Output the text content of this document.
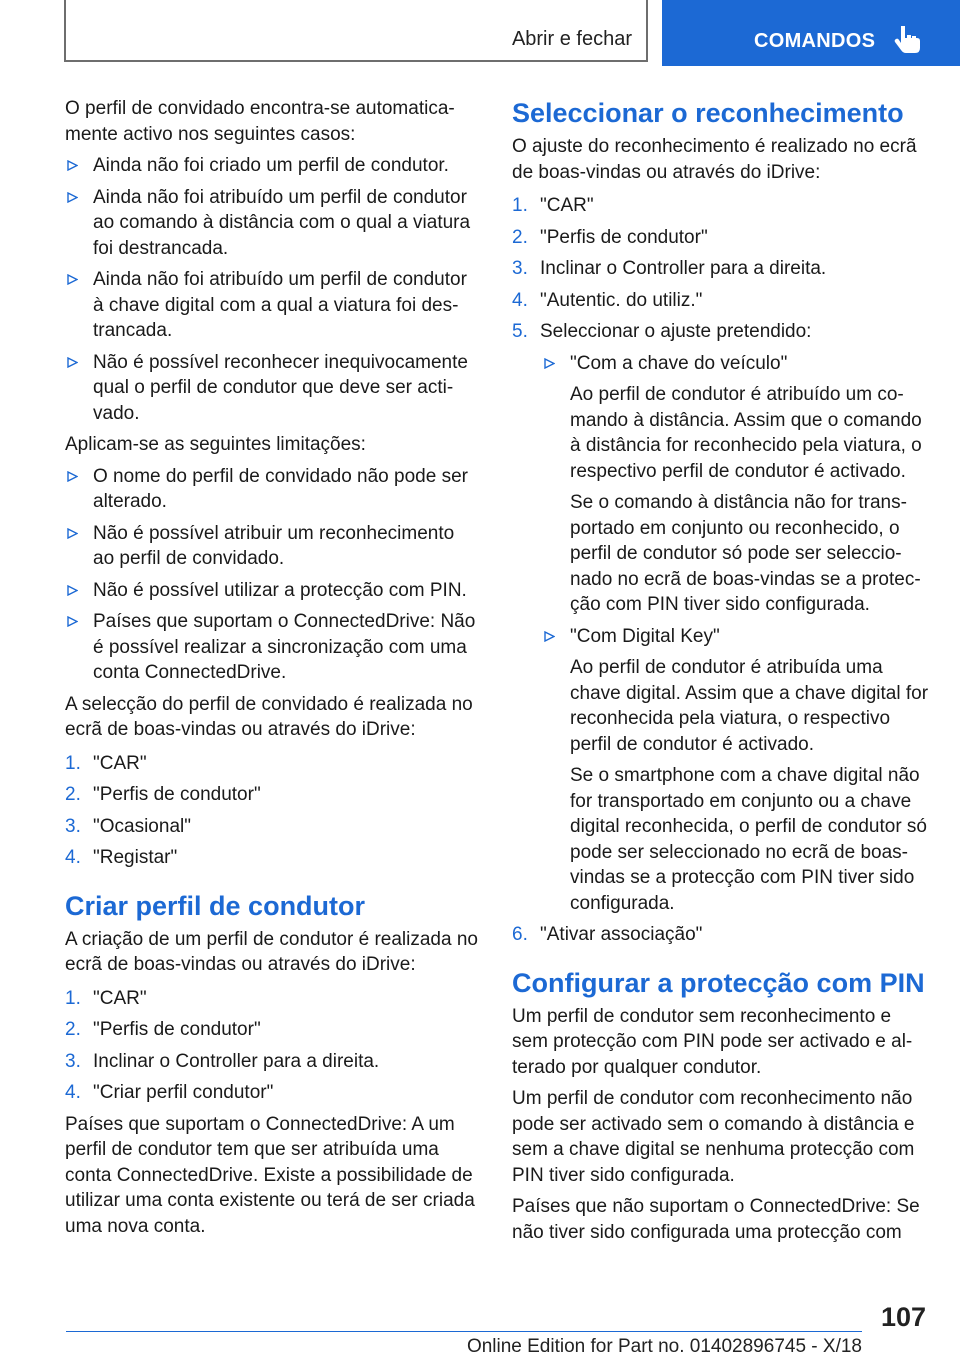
Abrir e fechar	COMANDOS

O perfil de convidado encontra-se automatica-mente activo nos seguintes casos:

Ainda não foi criado um perfil de condutor.
Ainda não foi atribuído um perfil de condutor ao comando à distância com o qual a viatura foi destrancada.
Ainda não foi atribuído um perfil de condutor à chave digital com a qual a viatura foi des-trancada.
Não é possível reconhecer inequivocamente qual o perfil de condutor que deve ser acti-vado.

Aplicam-se as seguintes limitações:

O nome do perfil de convidado não pode ser alterado.
Não é possível atribuir um reconhecimento ao perfil de convidado.
Não é possível utilizar a protecção com PIN.
Países que suportam o ConnectedDrive: Não é possível realizar a sincronização com uma conta ConnectedDrive.

A selecção do perfil de convidado é realizada no ecrã de boas-vindas ou através do iDrive:

1. "CAR"
2. "Perfis de condutor"
3. "Ocasional"
4. "Registar"
Criar perfil de condutor

A criação de um perfil de condutor é realizada no ecrã de boas-vindas ou através do iDrive:

1. "CAR"
2. "Perfis de condutor"
3. Inclinar o Controller para a direita.
4. "Criar perfil condutor"

Países que suportam o ConnectedDrive: A um perfil de condutor tem que ser atribuída uma conta ConnectedDrive. Existe a possibilidade de utilizar uma conta existente ou terá de ser criada uma nova conta.

Seleccionar o reconhecimento

O ajuste do reconhecimento é realizado no ecrã de boas-vindas ou através do iDrive:

1. "CAR"
2. "Perfis de condutor"
3. Inclinar o Controller para a direita.
4. "Autentic. do utiliz."
5. Seleccionar o ajuste pretendido:
"Com a chave do veículo"

Ao perfil de condutor é atribuído um co-mando à distância. Assim que o comando à distância for reconhecido pela viatura, o respectivo perfil de condutor é activado.

Se o comando à distância não for trans-portado em conjunto ou reconhecido, o perfil de condutor só pode ser seleccio-nado no ecrã de boas-vindas se a protec-ção com PIN tiver sido configurada.

"Com Digital Key"

Ao perfil de condutor é atribuída uma chave digital. Assim que a chave digital for reconhecida pela viatura, o respectivo perfil de condutor é activado.

Se o smartphone com a chave digital não for transportado em conjunto ou a chave digital reconhecida, o perfil de condutor só pode ser seleccionado no ecrã de boas-vindas se a protecção com PIN tiver sido configurada.

6. "Ativar associação"
Configurar a protecção com PIN

Um perfil de condutor sem reconhecimento e sem protecção com PIN pode ser activado e al-terado por qualquer condutor.

Um perfil de condutor com reconhecimento não pode ser activado sem o comando à distância e sem a chave digital se nenhuma protecção com PIN tiver sido configurada.

Países que não suportam o ConnectedDrive: Se não tiver sido configurada uma protecção com

107
Online Edition for Part no. 01402896745 - X/18
